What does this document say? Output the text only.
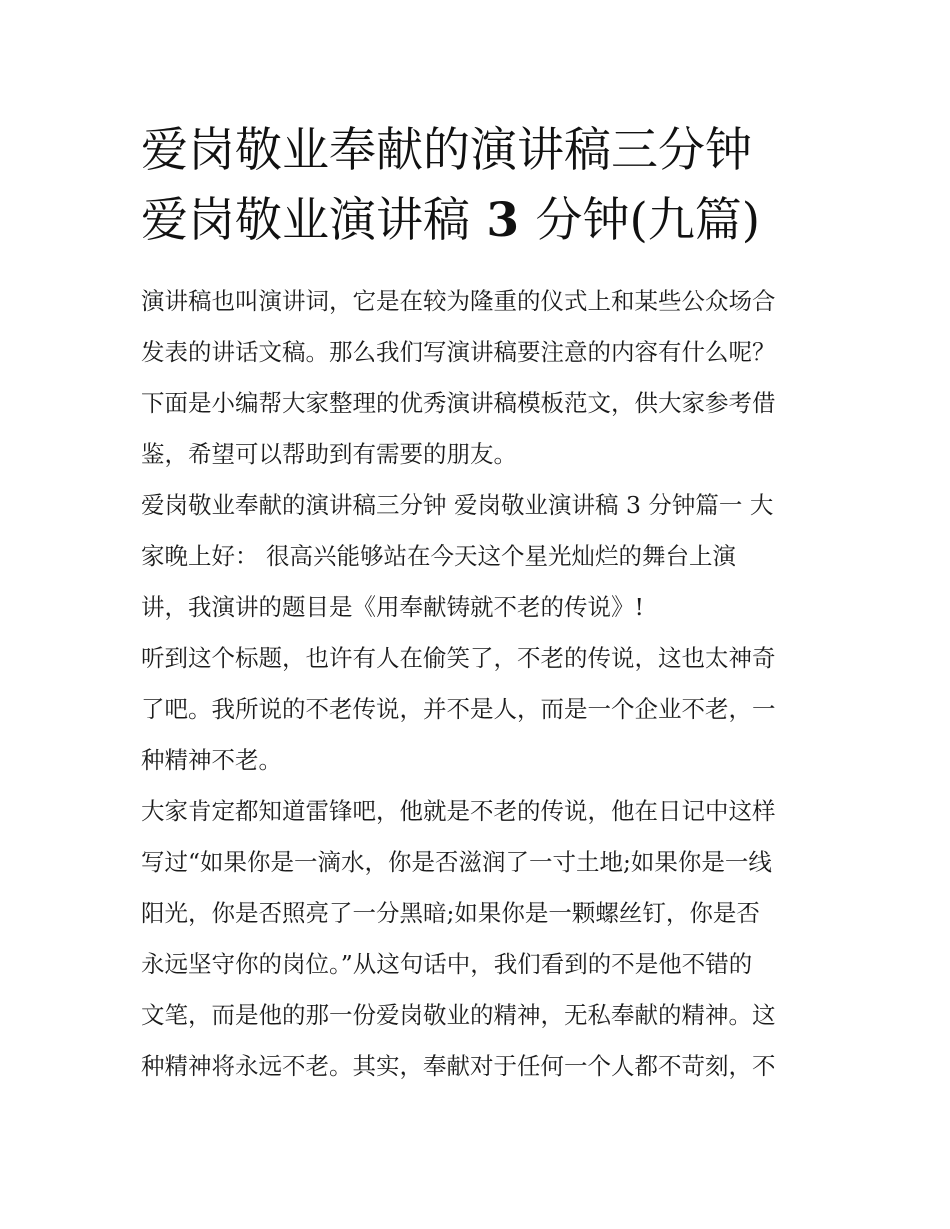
爱岗敬业奉献的演讲稿三分钟
爱岗敬业演讲稿 3 分钟(九篇)

演讲稿也叫演讲词，它是在较为隆重的仪式上和某些公众场合
发表的讲话文稿。那么我们写演讲稿要注意的内容有什么呢？
下面是小编帮大家整理的优秀演讲稿模板范文，供大家参考借
鉴，希望可以帮助到有需要的朋友。

爱岗敬业奉献的演讲稿三分钟 爱岗敬业演讲稿 3 分钟篇一 大
家晚上好： 很高兴能够站在今天这个星光灿烂的舞台上演
讲，我演讲的题目是《用奉献铸就不老的传说》!

听到这个标题，也许有人在偷笑了，不老的传说，这也太神奇
了吧。我所说的不老传说，并不是人，而是一个企业不老，一
种精神不老。

大家肯定都知道雷锋吧，他就是不老的传说，他在日记中这样
写过“如果你是一滴水，你是否滋润了一寸土地;如果你是一线
阳光，你是否照亮了一分黑暗;如果你是一颗螺丝钉，你是否
永远坚守你的岗位。”从这句话中，我们看到的不是他不错的
文笔，而是他的那一份爱岗敬业的精神，无私奉献的精神。这
种精神将永远不老。其实，奉献对于任何一个人都不苛刻，不
